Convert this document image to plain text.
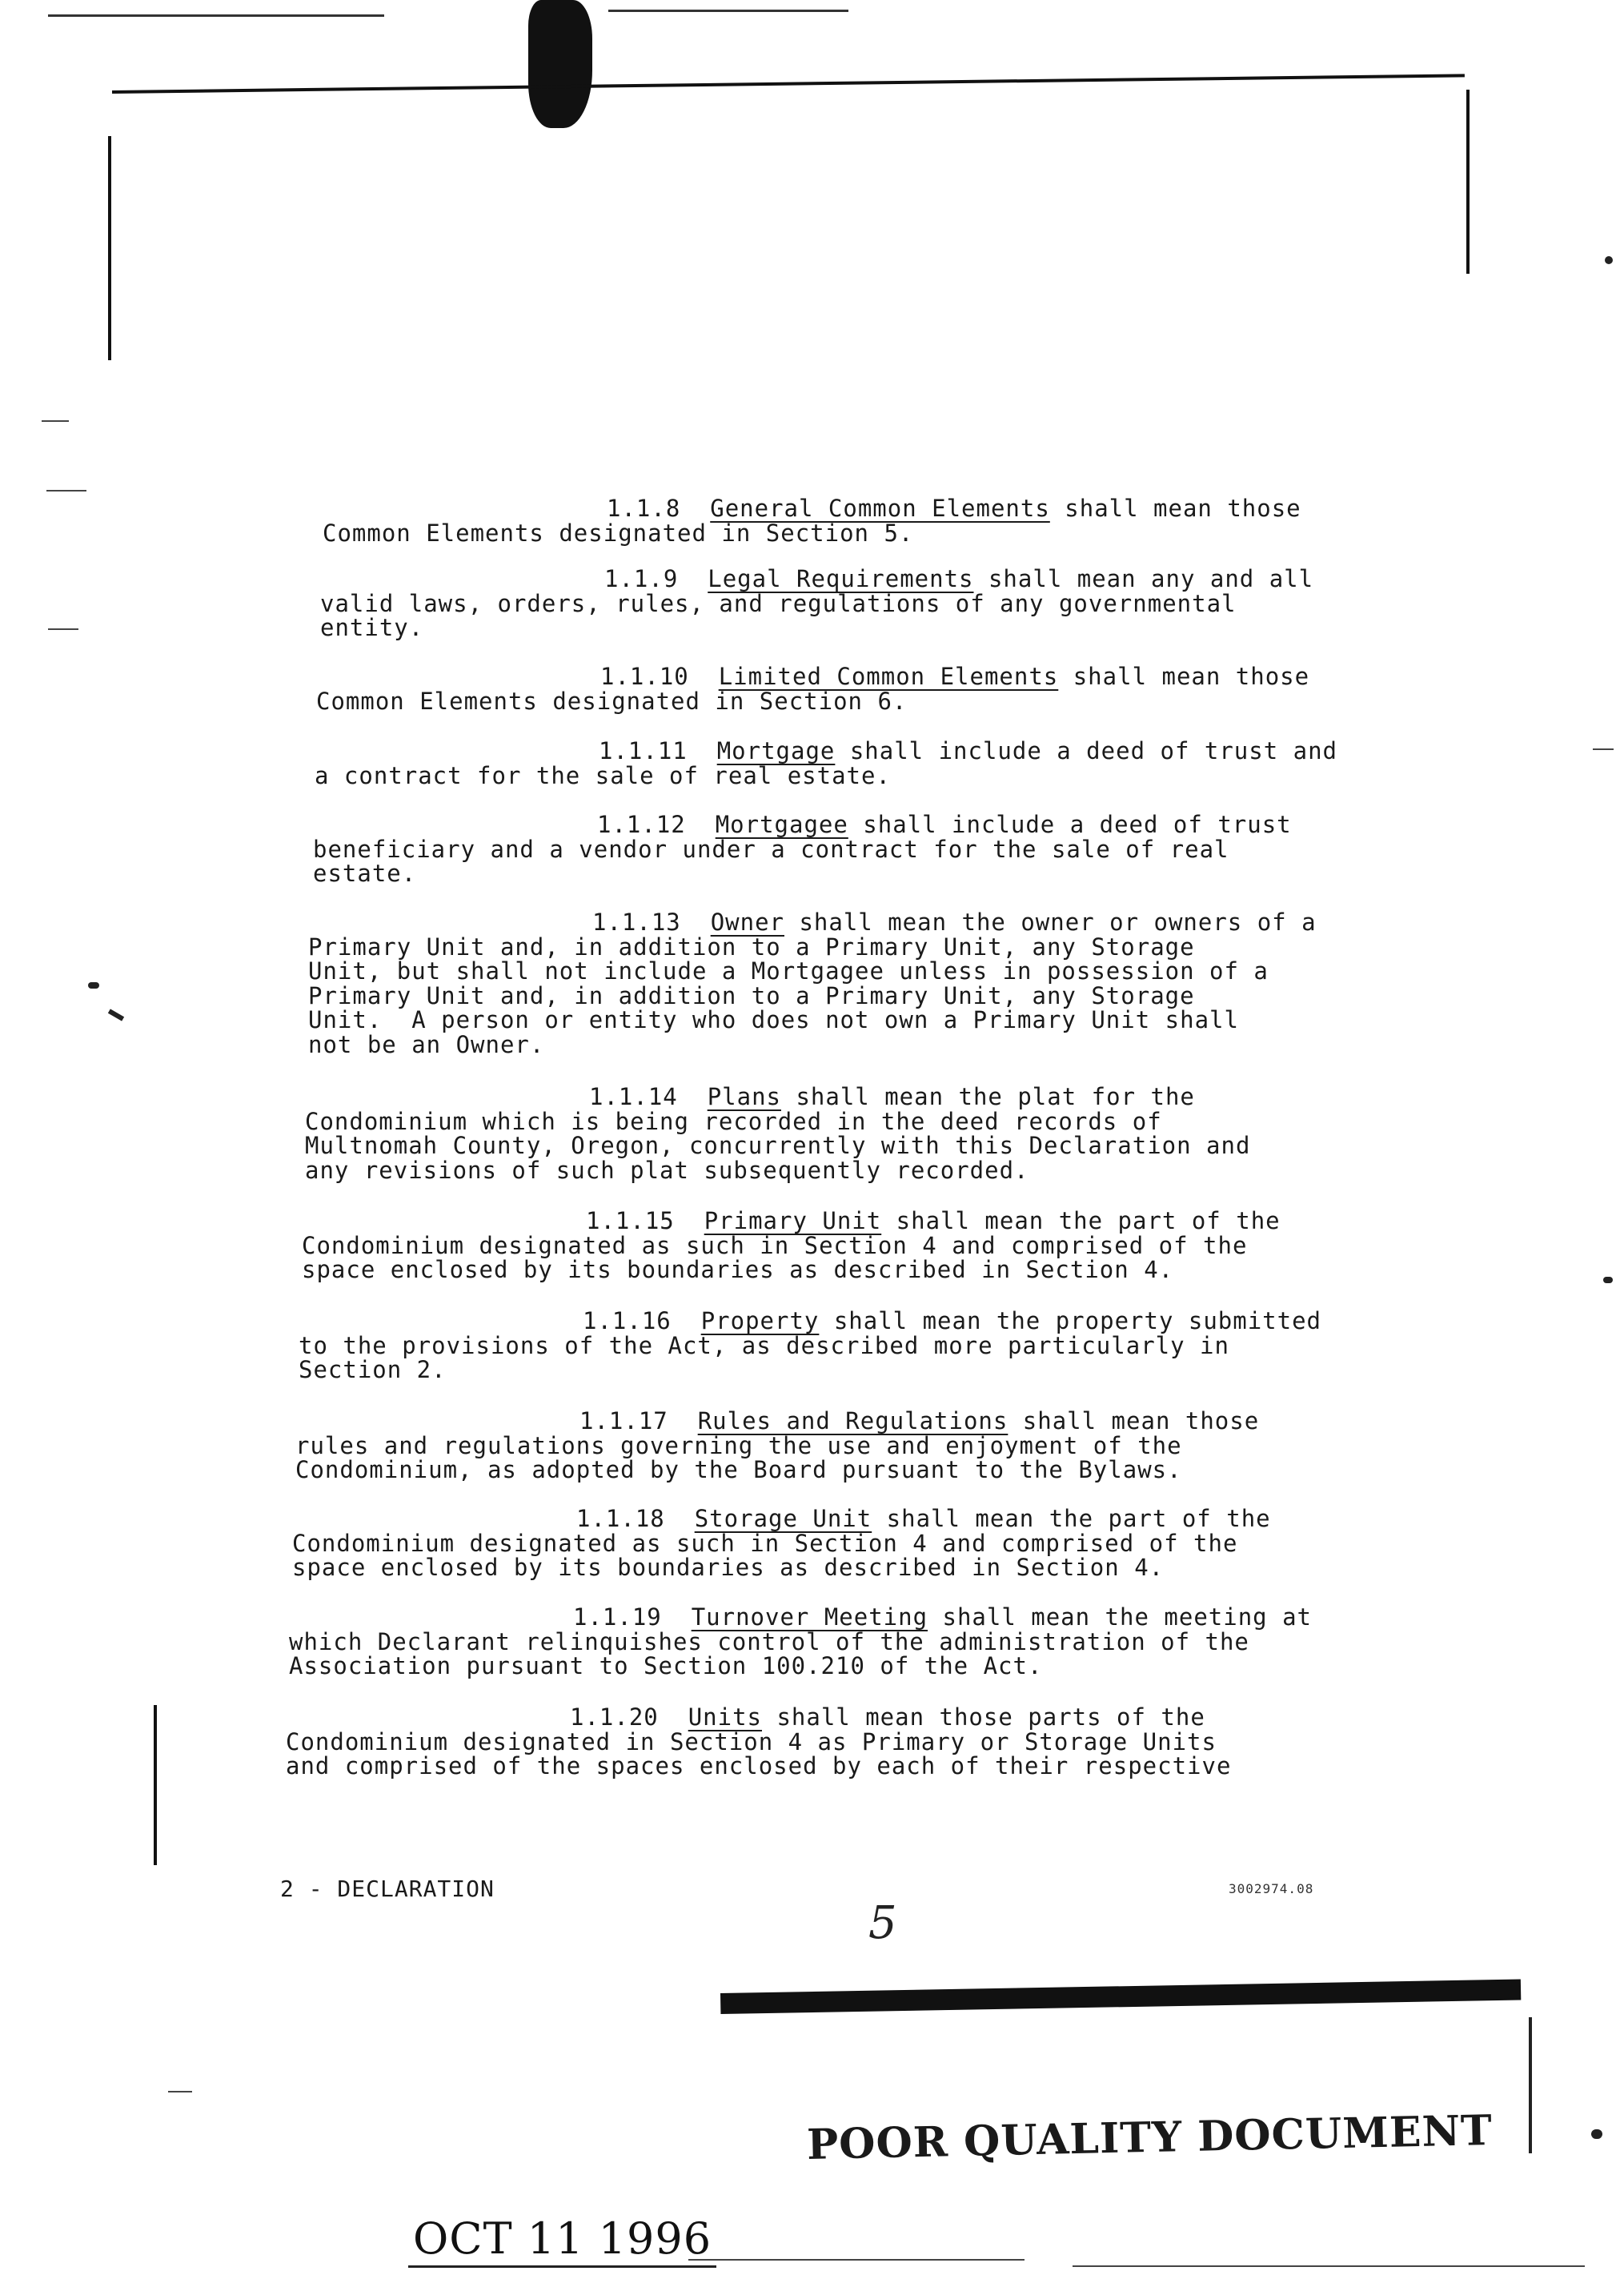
1.1.8 General Common Elements shall mean those
Common Elements designated in Section 5.
1.1.9 Legal Requirements shall mean any and all
valid laws, orders, rules, and regulations of any governmental
entity.
1.1.10 Limited Common Elements shall mean those
Common Elements designated in Section 6.
1.1.11 Mortgage shall include a deed of trust and
a contract for the sale of real estate.
1.1.12 Mortgagee shall include a deed of trust
beneficiary and a vendor under a contract for the sale of real
estate.
1.1.13 Owner shall mean the owner or owners of a
Primary Unit and, in addition to a Primary Unit, any Storage
Unit, but shall not include a Mortgagee unless in possession of a
Primary Unit and, in addition to a Primary Unit, any Storage
Unit.  A person or entity who does not own a Primary Unit shall
not be an Owner.
1.1.14 Plans shall mean the plat for the
Condominium which is being recorded in the deed records of
Multnomah County, Oregon, concurrently with this Declaration and
any revisions of such plat subsequently recorded.
1.1.15 Primary Unit shall mean the part of the
Condominium designated as such in Section 4 and comprised of the
space enclosed by its boundaries as described in Section 4.
1.1.16 Property shall mean the property submitted
to the provisions of the Act, as described more particularly in
Section 2.
1.1.17 Rules and Regulations shall mean those
rules and regulations governing the use and enjoyment of the
Condominium, as adopted by the Board pursuant to the Bylaws.
1.1.18 Storage Unit shall mean the part of the
Condominium designated as such in Section 4 and comprised of the
space enclosed by its boundaries as described in Section 4.
1.1.19 Turnover Meeting shall mean the meeting at
which Declarant relinquishes control of the administration of the
Association pursuant to Section 100.210 of the Act.
1.1.20 Units shall mean those parts of the
Condominium designated in Section 4 as Primary or Storage Units
and comprised of the spaces enclosed by each of their respective
2 - DECLARATION	3002974.08
5
POOR QUALITY DOCUMENT
OCT 11 1996
